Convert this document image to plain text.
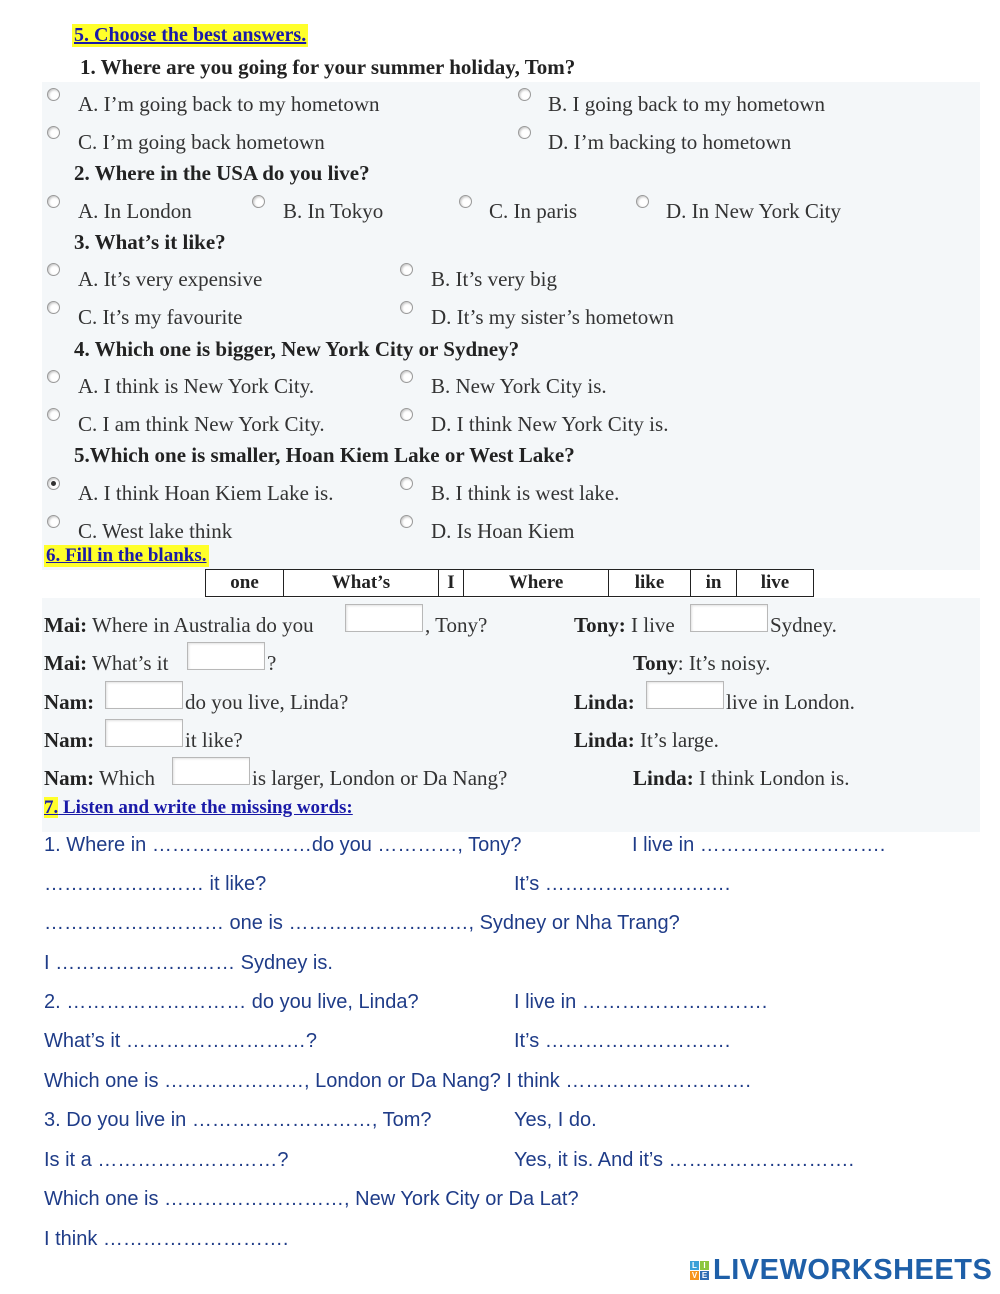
5. Choose the best answers.
1. Where are you going for your summer holiday, Tom?
A. I’m going back to my hometown	B. I going back to my hometown
C. I’m going back hometown	D. I’m backing to hometown
2. Where in the USA do you live?
A. In London	B. In Tokyo	C. In paris	D. In New York City
3. What’s it like?
A. It’s very expensive	B. It’s very big
C. It’s my favourite	D. It’s my sister’s hometown
4. Which one is bigger, New York City or Sydney?
A. I think is New York City.	B. New York City is.
C. I am think New York City.	D. I think New York City is.
5.Which one is smaller, Hoan Kiem Lake or West Lake?
A. I think Hoan Kiem Lake is.	B. I think is west lake.
C. West lake think	D. Is Hoan Kiem
6. Fill in the blanks.
one	What’s	I	Where	like	in	live
Mai: Where in Australia do you	, Tony?	Tony: I live	Sydney.
Mai: What’s it	?	Tony: It’s noisy.
Nam:	do you live, Linda?	Linda:	live in London.
Nam:	it like?	Linda: It’s large.
Nam: Which	is larger, London or Da Nang?	Linda: I think London is.
7. Listen and write the missing words:
1. Where in ……………………do you …………, Tony?	I live in ……………………….
…………………… it like?	It’s ……………………….
……………………… one is ………………………, Sydney or Nha Trang?
I ……………………… Sydney is.
2. ……………………… do you live, Linda?	I live in ……………………….
What’s it ………………………?	It’s ……………………….
Which one is …………………, London or Da Nang? I think ……………………….
3. Do you live in ………………………, Tom?	Yes, I do.
Is it a ………………………?	Yes, it is. And it’s ……………………….
Which one is ………………………, New York City or Da Lat?
I think ……………………….
L I
V E LIVEWORKSHEETS
